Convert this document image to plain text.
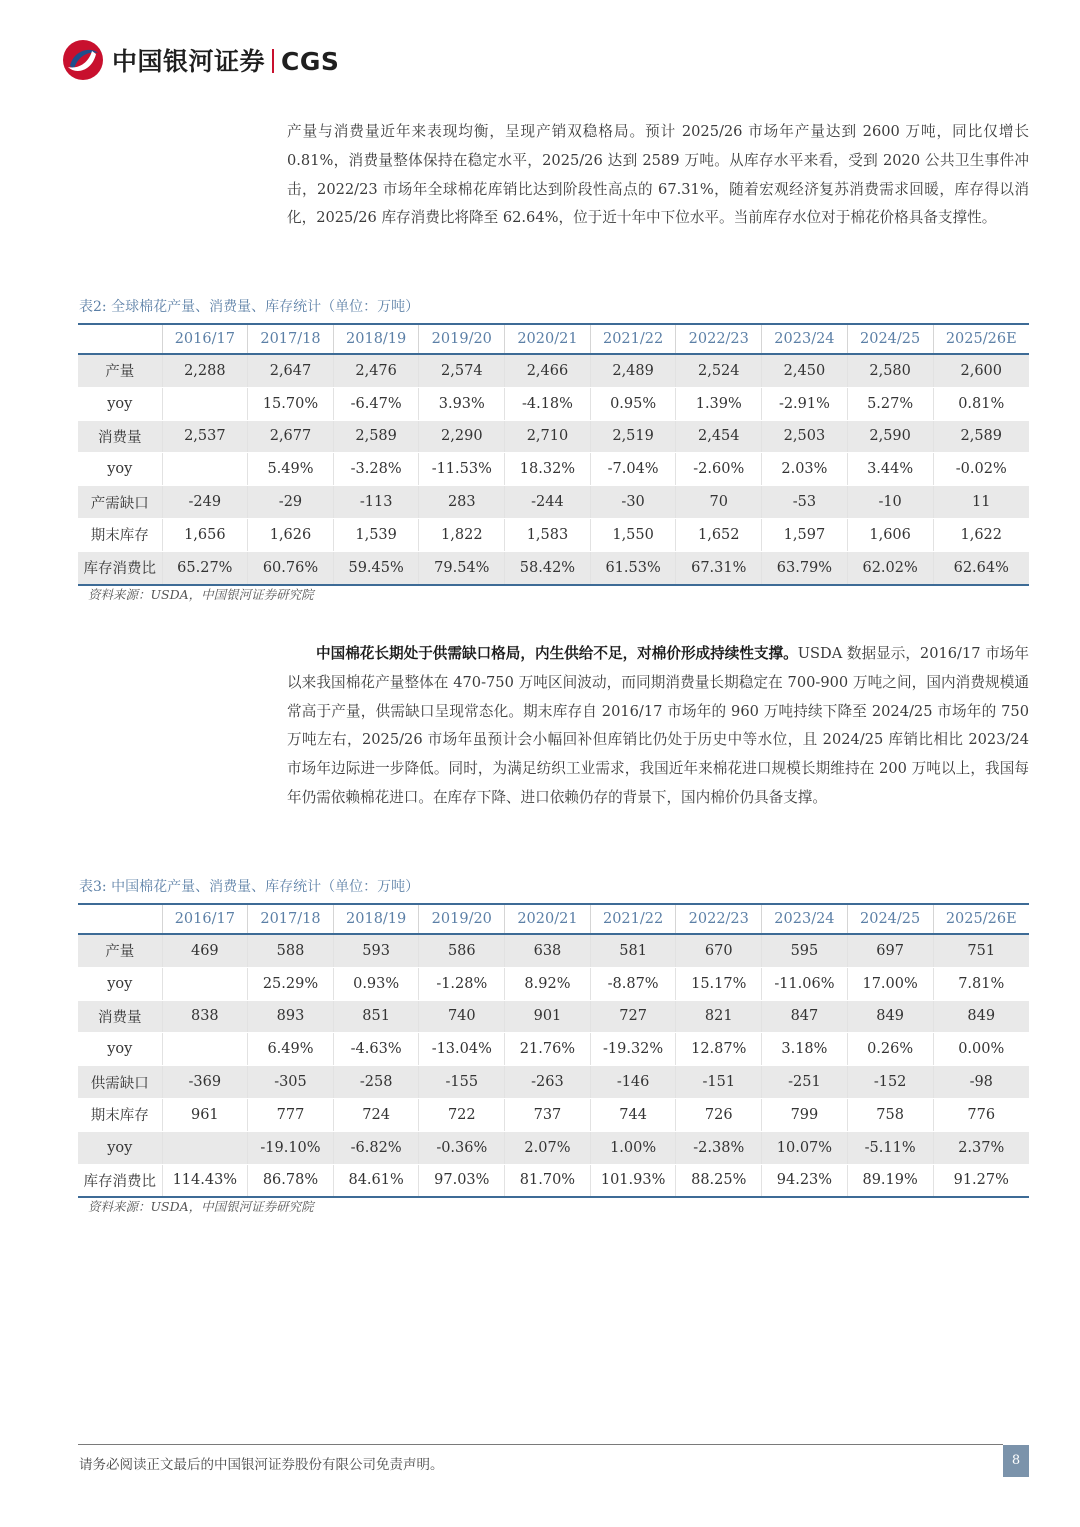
中国银河证券 CGS

产量与消费量近年来表现均衡，呈现产销双稳格局。预计 2025/26 市场年产量达到 2600 万吨，同比仅增长 0.81%，消费量整体保持在稳定水平，2025/26 达到 2589 万吨。从库存水平来看，受到 2020 公共卫生事件冲击，2022/23 市场年全球棉花库销比达到阶段性高点的 67.31%，随着宏观经济复苏消费需求回暖，库存得以消化，2025/26 库存消费比将降至 62.64%，位于近十年中下位水平。当前库存水位对于棉花价格具备支撑性。

表2: 全球棉花产量、消费量、库存统计（单位：万吨）

	2016/17	2017/18	2018/19	2019/20	2020/21	2021/22	2022/23	2023/24	2024/25	2025/26E
产量	2,288	2,647	2,476	2,574	2,466	2,489	2,524	2,450	2,580	2,600
yoy		15.70%	-6.47%	3.93%	-4.18%	0.95%	1.39%	-2.91%	5.27%	0.81%
消费量	2,537	2,677	2,589	2,290	2,710	2,519	2,454	2,503	2,590	2,589
yoy		5.49%	-3.28%	-11.53%	18.32%	-7.04%	-2.60%	2.03%	3.44%	-0.02%
产需缺口	-249	-29	-113	283	-244	-30	70	-53	-10	11
期末库存	1,656	1,626	1,539	1,822	1,583	1,550	1,652	1,597	1,606	1,622
库存消费比	65.27%	60.76%	59.45%	79.54%	58.42%	61.53%	67.31%	63.79%	62.02%	62.64%

资料来源：USDA，中国银河证券研究院

中国棉花长期处于供需缺口格局，内生供给不足，对棉价形成持续性支撑。USDA 数据显示，2016/17 市场年以来我国棉花产量整体在 470-750 万吨区间波动，而同期消费量长期稳定在 700-900 万吨之间，国内消费规模通常高于产量，供需缺口呈现常态化。期末库存自 2016/17 市场年的 960 万吨持续下降至 2024/25 市场年的 750 万吨左右，2025/26 市场年虽预计会小幅回补但库销比仍处于历史中等水位，且 2024/25 库销比相比 2023/24 市场年边际进一步降低。同时，为满足纺织工业需求，我国近年来棉花进口规模长期维持在 200 万吨以上，我国每年仍需依赖棉花进口。在库存下降、进口依赖仍存的背景下，国内棉价仍具备支撑。

表3: 中国棉花产量、消费量、库存统计（单位：万吨）

	2016/17	2017/18	2018/19	2019/20	2020/21	2021/22	2022/23	2023/24	2024/25	2025/26E
产量	469	588	593	586	638	581	670	595	697	751
yoy		25.29%	0.93%	-1.28%	8.92%	-8.87%	15.17%	-11.06%	17.00%	7.81%
消费量	838	893	851	740	901	727	821	847	849	849
yoy		6.49%	-4.63%	-13.04%	21.76%	-19.32%	12.87%	3.18%	0.26%	0.00%
供需缺口	-369	-305	-258	-155	-263	-146	-151	-251	-152	-98
期末库存	961	777	724	722	737	744	726	799	758	776
yoy		-19.10%	-6.82%	-0.36%	2.07%	1.00%	-2.38%	10.07%	-5.11%	2.37%
库存消费比	114.43%	86.78%	84.61%	97.03%	81.70%	101.93%	88.25%	94.23%	89.19%	91.27%

资料来源：USDA，中国银河证券研究院

请务必阅读正文最后的中国银河证券股份有限公司免责声明。	8
